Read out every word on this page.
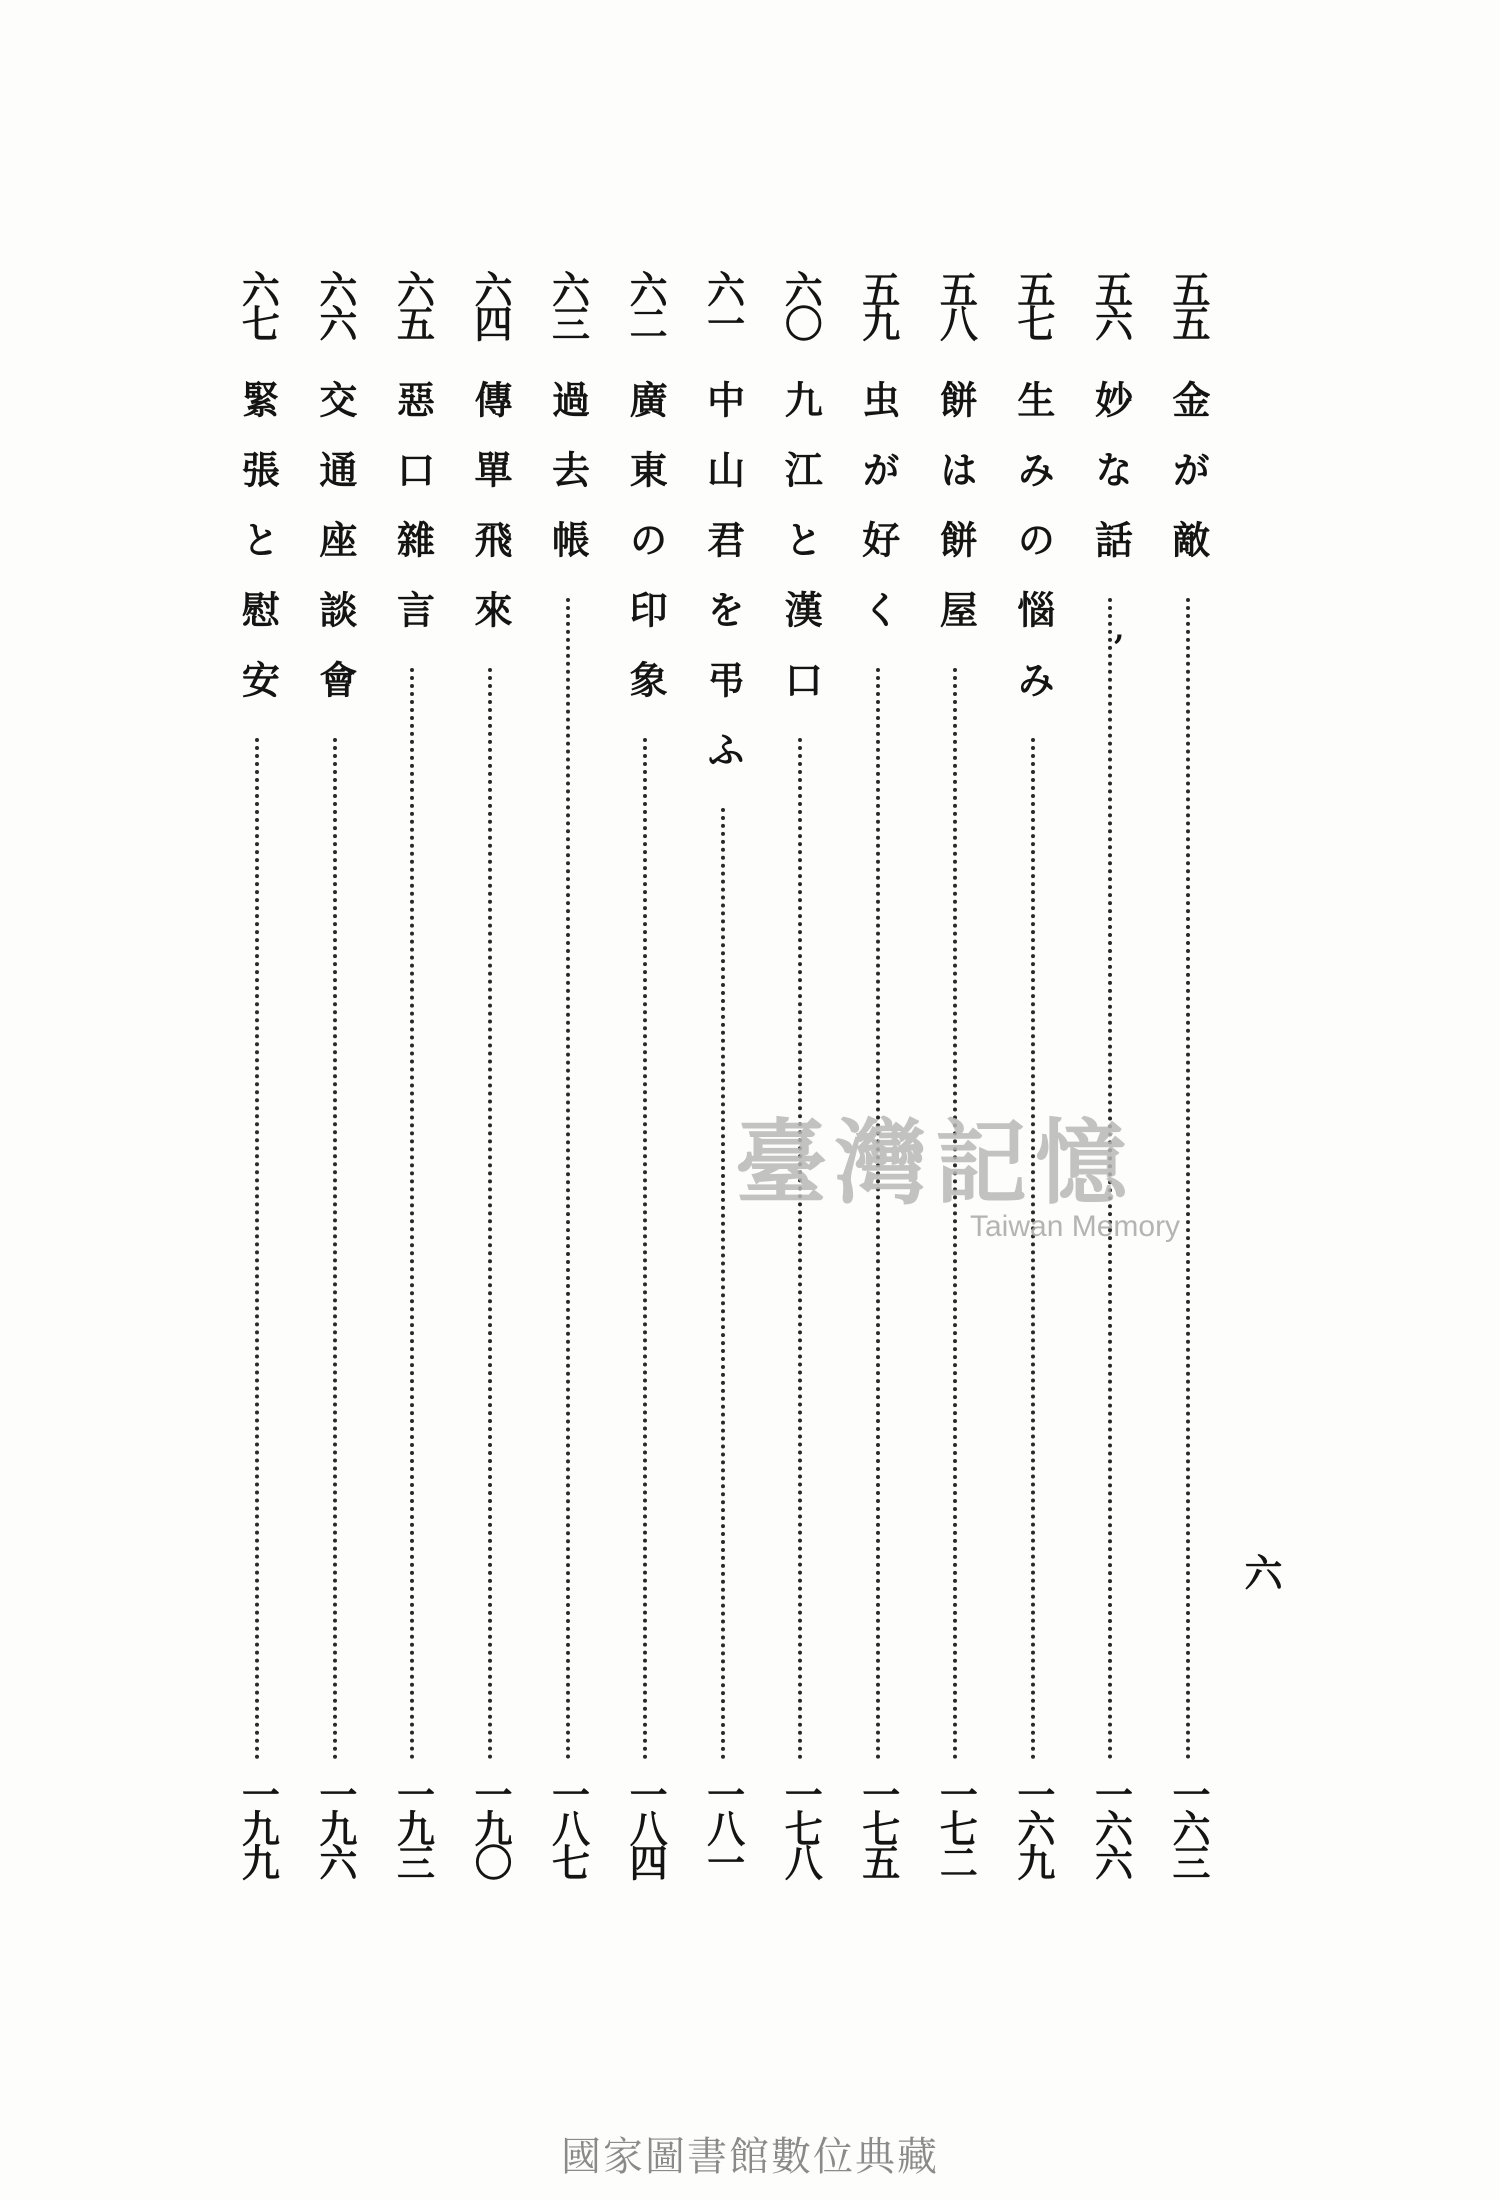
五五
金が敵
一六三
五六
妙な話
一六六
五七
生みの惱み
一六九
五八
餅は餅屋
一七二
五九
虫が好く
一七五
六〇
九江と漢口
一七八
六一
中山君を弔ふ
一八一
六二
廣東の印象
一八四
六三
過去帳
一八七
六四
傳單飛來
一九〇
六五
惡口雜言
一九三
六六
交通座談會
一九六
六七
緊張と慰安
一九九
,
六
臺灣記憶
Taiwan Memory
國家圖書館數位典藏
